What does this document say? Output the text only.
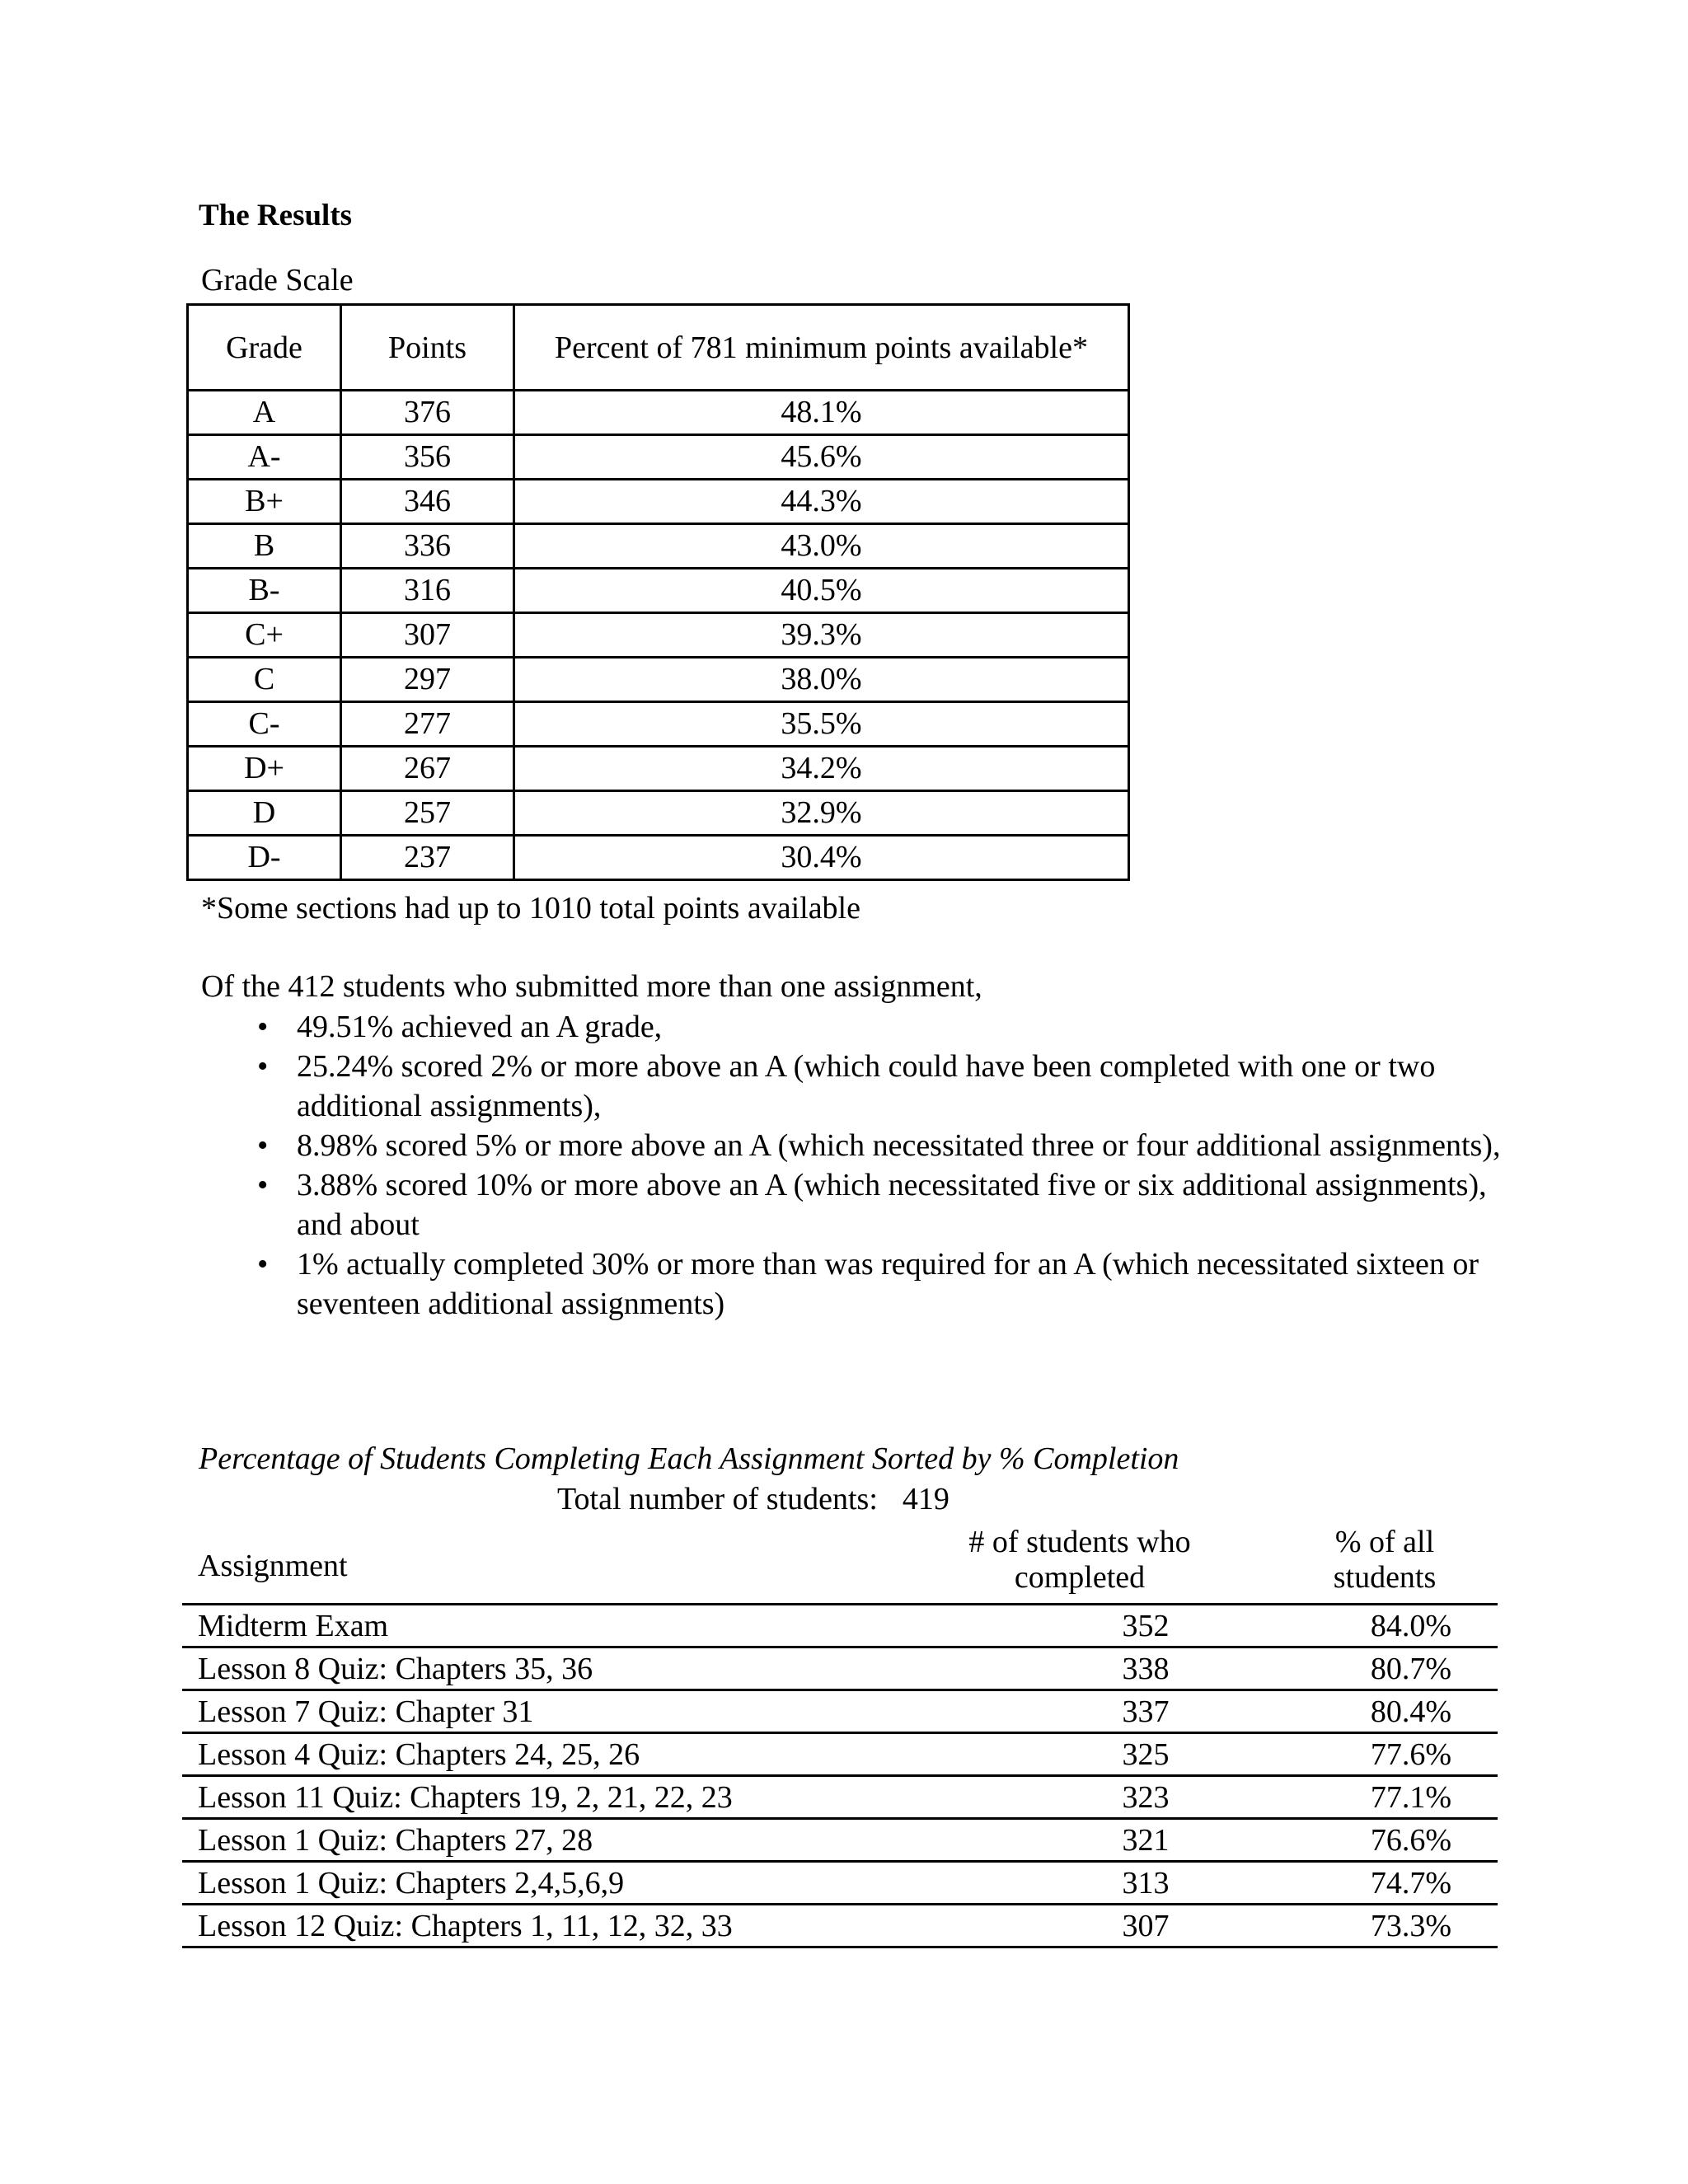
The Results
Grade Scale
Grade	Points	Percent of 781 minimum points available*
A	376	48.1%
A-	356	45.6%
B+	346	44.3%
B	336	43.0%
B-	316	40.5%
C+	307	39.3%
C	297	38.0%
C-	277	35.5%
D+	267	34.2%
D	257	32.9%
D-	237	30.4%
*Some sections had up to 1010 total points available
Of the 412 students who submitted more than one assignment,
• 49.51% achieved an A grade,
• 25.24% scored 2% or more above an A (which could have been completed with one or two additional assignments),
• 8.98% scored 5% or more above an A (which necessitated three or four additional assignments),
• 3.88% scored 10% or more above an A (which necessitated five or six additional assignments), and about
• 1% actually completed 30% or more than was required for an A (which necessitated sixteen or seventeen additional assignments)
Percentage of Students Completing Each Assignment Sorted by % Completion
Total number of students: 419
Assignment
# of students who completed
% of all students
Midterm Exam	352	84.0%
Lesson 8 Quiz: Chapters 35, 36	338	80.7%
Lesson 7 Quiz: Chapter 31	337	80.4%
Lesson 4 Quiz: Chapters 24, 25, 26	325	77.6%
Lesson 11 Quiz: Chapters 19, 2, 21, 22, 23	323	77.1%
Lesson 1 Quiz: Chapters 27, 28	321	76.6%
Lesson 1 Quiz: Chapters 2,4,5,6,9	313	74.7%
Lesson 12 Quiz: Chapters 1, 11, 12, 32, 33	307	73.3%
